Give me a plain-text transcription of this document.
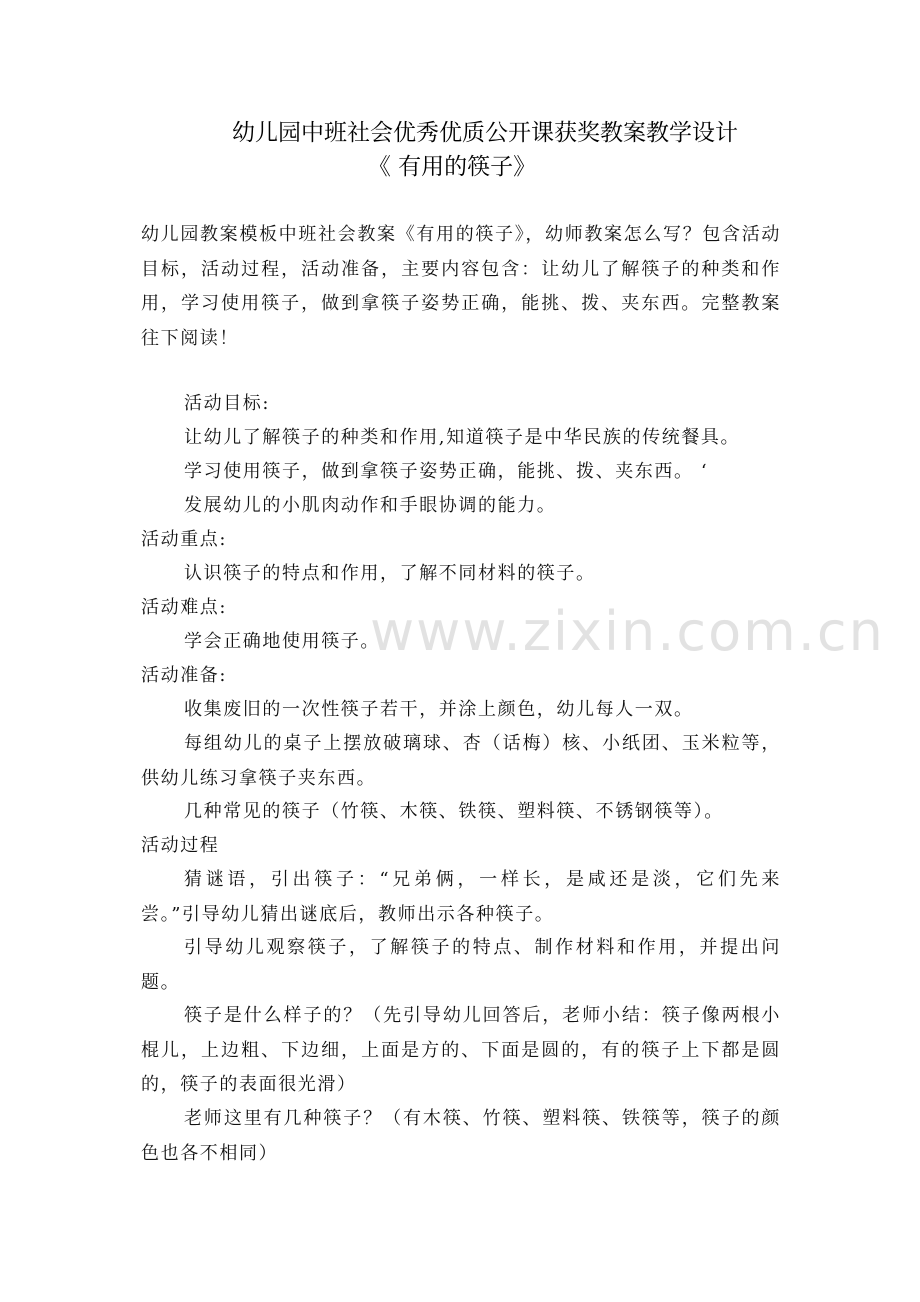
幼儿园中班社会优秀优质公开课获奖教案教学设计
《 有用的筷子》

幼儿园教案模板中班社会教案《有用的筷子》，幼师教案怎么写？包含活动目标，活动过程，活动准备，主要内容包含：让幼儿了解筷子的种类和作用，学习使用筷子，做到拿筷子姿势正确，能挑、拨、夹东西。完整教案往下阅读！

活动目标:
让幼儿了解筷子的种类和作用,知道筷子是中华民族的传统餐具。
学习使用筷子，做到拿筷子姿势正确，能挑、拨、夹东西。 ‘
发展幼儿的小肌肉动作和手眼协调的能力。
活动重点:
认识筷子的特点和作用，了解不同材料的筷子。
活动难点:
学会正确地使用筷子。
活动准备:
收集废旧的一次性筷子若干，并涂上颜色，幼儿每人一双。

每组幼儿的桌子上摆放破璃球、杏（话梅）核、小纸团、玉米粒等，供幼儿练习拿筷子夹东西。

几种常见的筷子（竹筷、木筷、铁筷、塑料筷、不锈钢筷等）。
活动过程

猜谜语，引出筷子：“兄弟俩，一样长，是咸还是淡，它们先来尝。”引导幼儿猜出谜底后，教师出示各种筷子。

引导幼儿观察筷子，了解筷子的特点、制作材料和作用，并提出问题。

筷子是什么样子的？（先引导幼儿回答后，老师小结：筷子像两根小棍儿，上边粗、下边细，上面是方的、下面是圆的，有的筷子上下都是圆的，筷子的表面很光滑）

老师这里有几种筷子？（有木筷、竹筷、塑料筷、铁筷等，筷子的颜色也各不相同）

www.zixin.com.cn
